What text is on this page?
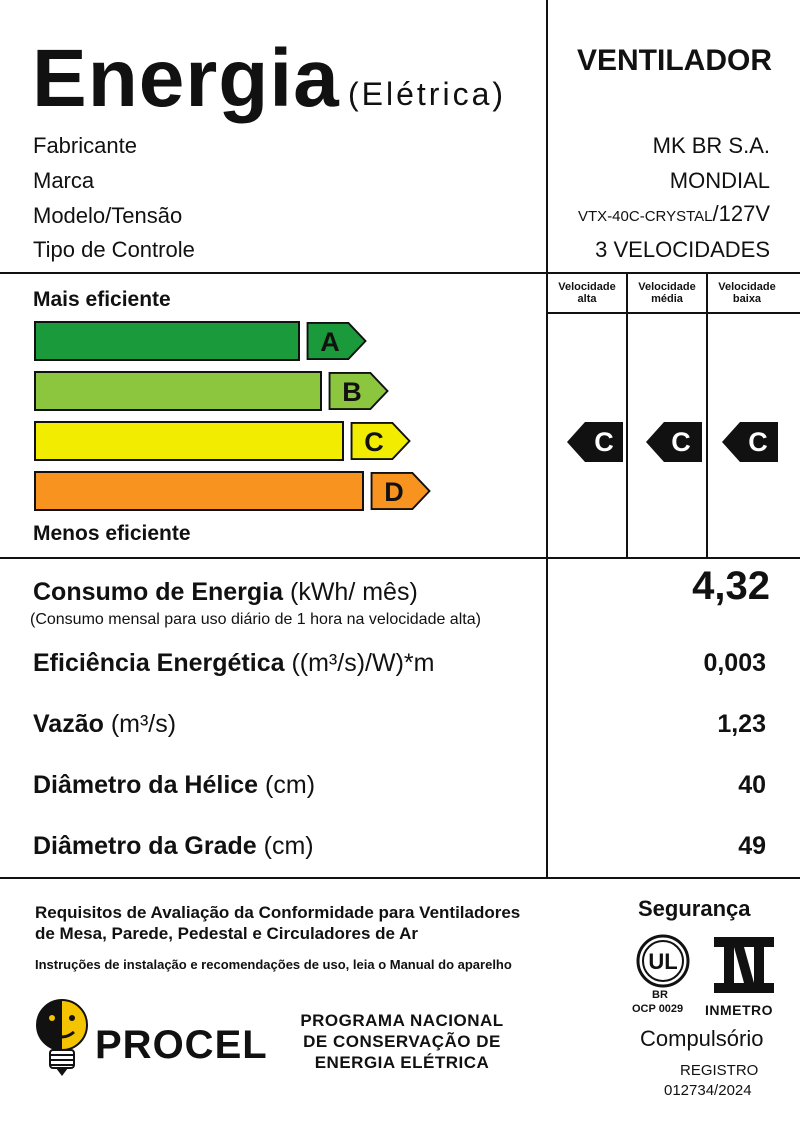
Energia (Elétrica)
VENTILADOR
Fabricante	MK BR S.A.
Marca	MONDIAL
Modelo/Tensão	VTX-40C-CRYSTAL/127V
Tipo de Controle	3 VELOCIDADES
Mais eficiente
Menos eficiente
A
B
C
D
Velocidade
alta
Velocidade
média
Velocidade
baixa
C	C	C
Consumo de Energia (kWh/ mês)	4,32
(Consumo mensal para uso diário de 1 hora na velocidade alta)
Eficiência Energética ((m³/s)/W)*m	0,003
Vazão (m³/s)	1,23
Diâmetro da Hélice (cm)	40
Diâmetro da Grade (cm)	49
Requisitos de Avaliação da Conformidade para Ventiladores
de Mesa, Parede, Pedestal e Circuladores de Ar
Instruções de instalação e recomendações de uso, leia o Manual do aparelho
PROCEL
PROGRAMA NACIONAL
DE CONSERVAÇÃO DE
ENERGIA ELÉTRICA
Segurança
UL
BR
OCP 0029 INMETRO
Compulsório
REGISTRO
012734/2024
